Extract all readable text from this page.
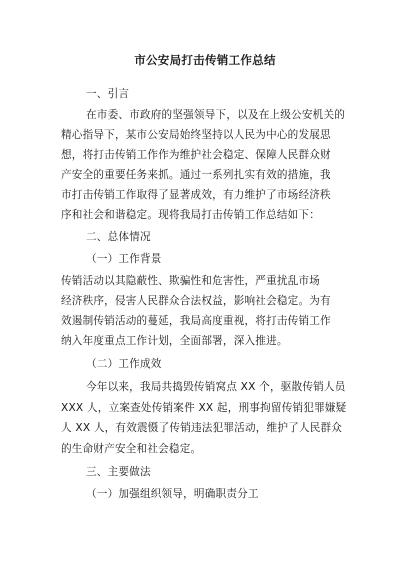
市公安局打击传销工作总结
一、引言
在市委、市政府的坚强领导下，以及在上级公安机关的
精心指导下，某市公安局始终坚持以人民为中心的发展思
想，将打击传销工作作为维护社会稳定、保障人民群众财
产安全的重要任务来抓。通过一系列扎实有效的措施，我
市打击传销工作取得了显著成效，有力维护了市场经济秩
序和社会和谐稳定。现将我局打击传销工作总结如下：
二、总体情况
（一）工作背景
传销活动以其隐蔽性、欺骗性和危害性，严重扰乱市场
经济秩序，侵害人民群众合法权益，影响社会稳定。为有
效遏制传销活动的蔓延，我局高度重视，将打击传销工作
纳入年度重点工作计划，全面部署，深入推进。
（二）工作成效
今年以来，我局共捣毁传销窝点 XX 个，驱散传销人员
XXX 人，立案查处传销案件 XX 起，刑事拘留传销犯罪嫌疑
人 XX 人，有效震慑了传销违法犯罪活动，维护了人民群众
的生命财产安全和社会稳定。
三、主要做法
（一）加强组织领导，明确职责分工
